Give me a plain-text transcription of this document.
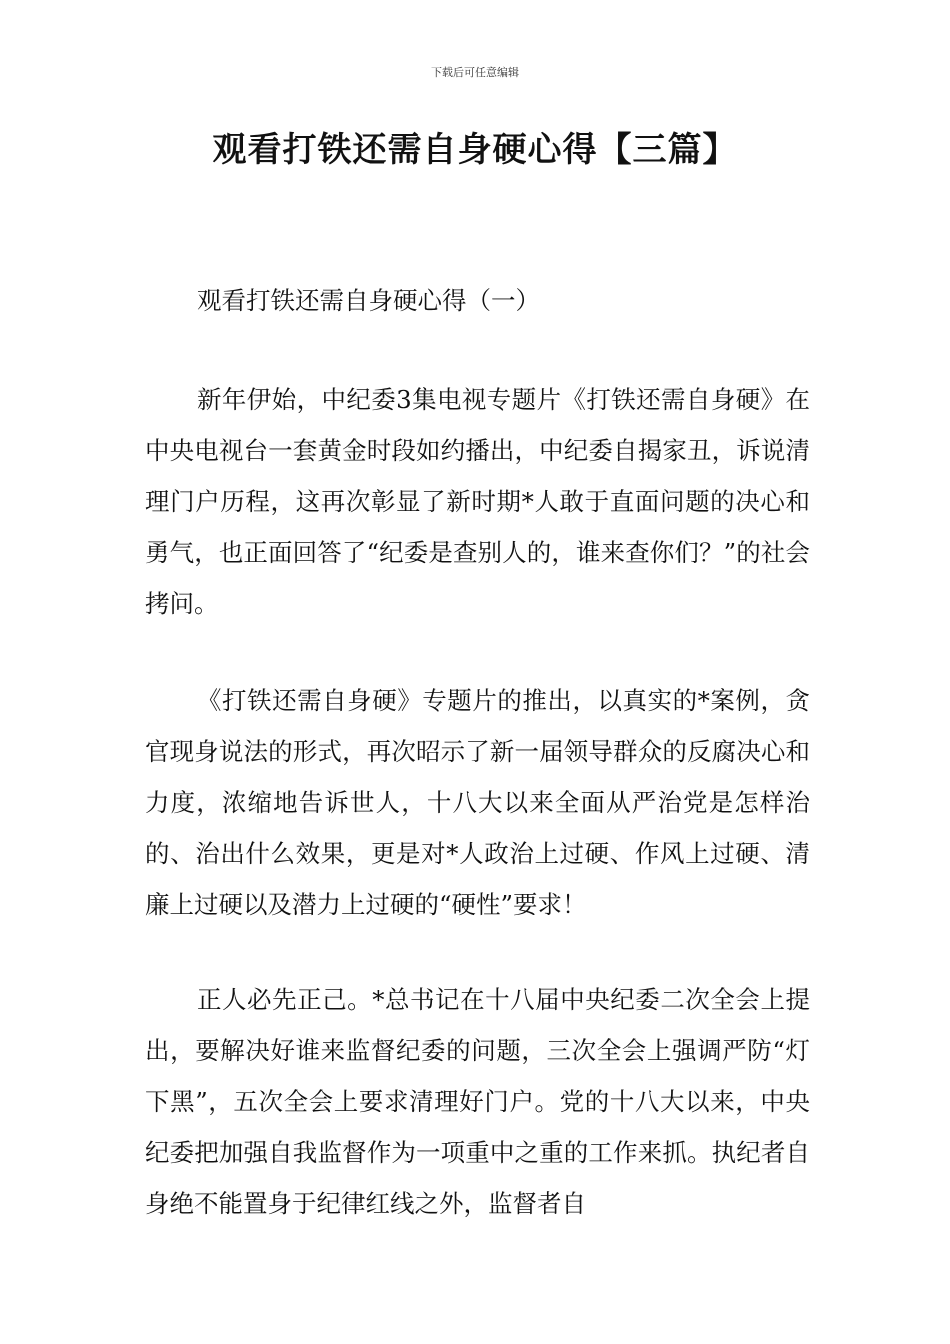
下载后可任意编辑
观看打铁还需自身硬心得【三篇】
观看打铁还需自身硬心得（一）

新年伊始，中纪委3集电视专题片《打铁还需自身硬》在中央电视台一套黄金时段如约播出，中纪委自揭家丑，诉说清理门户历程，这再次彰显了新时期*人敢于直面问题的决心和勇气，也正面回答了“纪委是查别人的，谁来查你们？”的社会拷问。

《打铁还需自身硬》专题片的推出，以真实的*案例，贪官现身说法的形式，再次昭示了新一届领导群众的反腐决心和力度，浓缩地告诉世人，十八大以来全面从严治党是怎样治的、治出什么效果，更是对*人政治上过硬、作风上过硬、清廉上过硬以及潜力上过硬的“硬性”要求！

正人必先正己。*总书记在十八届中央纪委二次全会上提出，要解决好谁来监督纪委的问题，三次全会上强调严防“灯下黑”，五次全会上要求清理好门户。党的十八大以来，中央纪委把加强自我监督作为一项重中之重的工作来抓。执纪者自身绝不能置身于纪律红线之外，监督者自
